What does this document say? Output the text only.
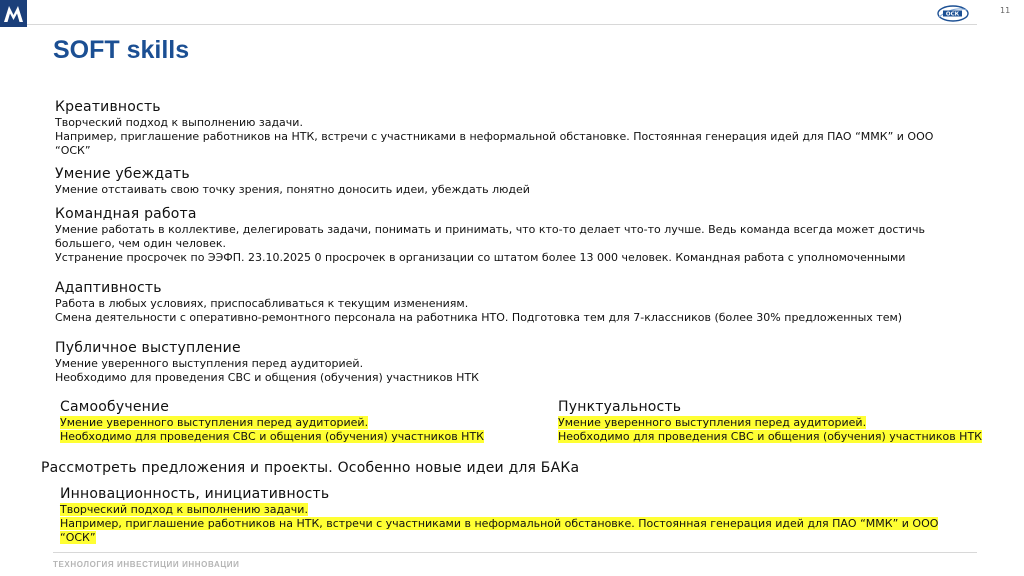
ОСК	11
SOFT skills
Креативность
Творческий подход к выполнению задачи.
Например, приглашение работников на НТК, встречи с участниками в неформальной обстановке. Постоянная генерация идей для ПАО “ММК” и ООО
“ОСК”
Умение убеждать
Умение отстаивать свою точку зрения, понятно доносить идеи, убеждать людей
Командная работа
Умение работать в коллективе, делегировать задачи, понимать и принимать, что кто-то делает что-то лучше. Ведь команда всегда может достичь
большего, чем один человек.
Устранение просрочек по ЭЭФП. 23.10.2025 0 просрочек в организации со штатом более 13 000 человек. Командная работа с уполномоченными
Адаптивность
Работа в любых условиях, приспосабливаться к текущим изменениям.
Смена деятельности с оперативно-ремонтного персонала на работника НТО. Подготовка тем для 7-классников (более 30% предложенных тем)
Публичное выступление
Умение уверенного выступления перед аудиторией.
Необходимо для проведения СВС и общения (обучения) участников НТК
Самообучение
Умение уверенного выступления перед аудиторией.
Необходимо для проведения СВС и общения (обучения) участников НТК
Пунктуальность
Умение уверенного выступления перед аудиторией.
Необходимо для проведения СВС и общения (обучения) участников НТК
Рассмотреть предложения и проекты. Особенно новые идеи для БАКа
Инновационность, инициативность
Творческий подход к выполнению задачи.
Например, приглашение работников на НТК, встречи с участниками в неформальной обстановке. Постоянная генерация идей для ПАО “ММК” и ООО
“ОСК”
ТЕХНОЛОГИЯ ИНВЕСТИЦИИ ИННОВАЦИИ
